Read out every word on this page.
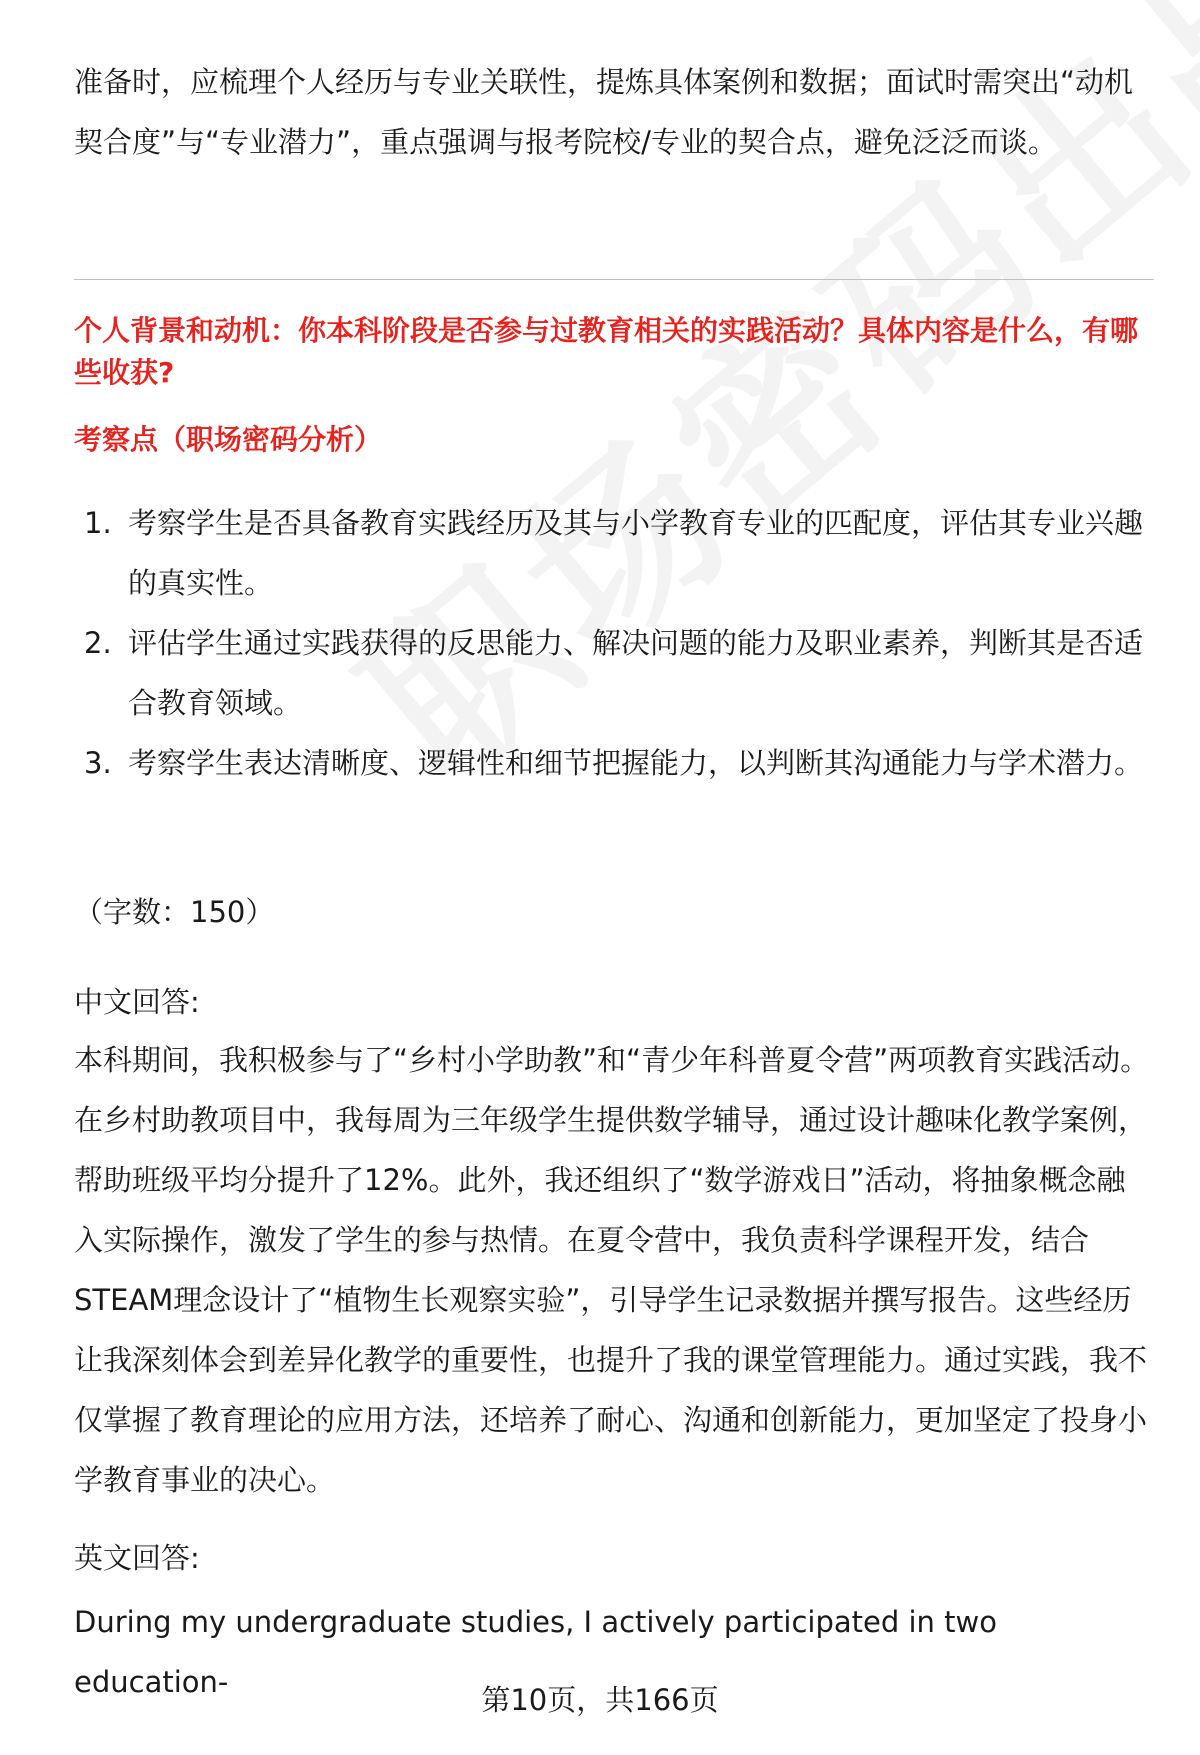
准备时，应梳理个人经历与专业关联性，提炼具体案例和数据；面试时需突出“动机契合度”与“专业潜力”，重点强调与报考院校/专业的契合点，避免泛泛而谈。

个人背景和动机：你本科阶段是否参与过教育相关的实践活动？具体内容是什么，有哪些收获?

考察点（职场密码分析）

1. 考察学生是否具备教育实践经历及其与小学教育专业的匹配度，评估其专业兴趣的真实性。
2. 评估学生通过实践获得的反思能力、解决问题的能力及职业素养，判断其是否适合教育领域。
3. 考察学生表达清晰度、逻辑性和细节把握能力，以判断其沟通能力与学术潜力。

（字数：150）

中文回答:

本科期间，我积极参与了“乡村小学助教”和“青少年科普夏令营”两项教育实践活动。在乡村助教项目中，我每周为三年级学生提供数学辅导，通过设计趣味化教学案例，帮助班级平均分提升了12%。此外，我还组织了“数学游戏日”活动，将抽象概念融入实际操作，激发了学生的参与热情。在夏令营中，我负责科学课程开发，结合STEAM理念设计了“植物生长观察实验”，引导学生记录数据并撰写报告。这些经历让我深刻体会到差异化教学的重要性，也提升了我的课堂管理能力。通过实践，我不仅掌握了教育理论的应用方法，还培养了耐心、沟通和创新能力，更加坚定了投身小学教育事业的决心。

英文回答:

During my undergraduate studies, I actively participated in two education-

第10页，共166页
